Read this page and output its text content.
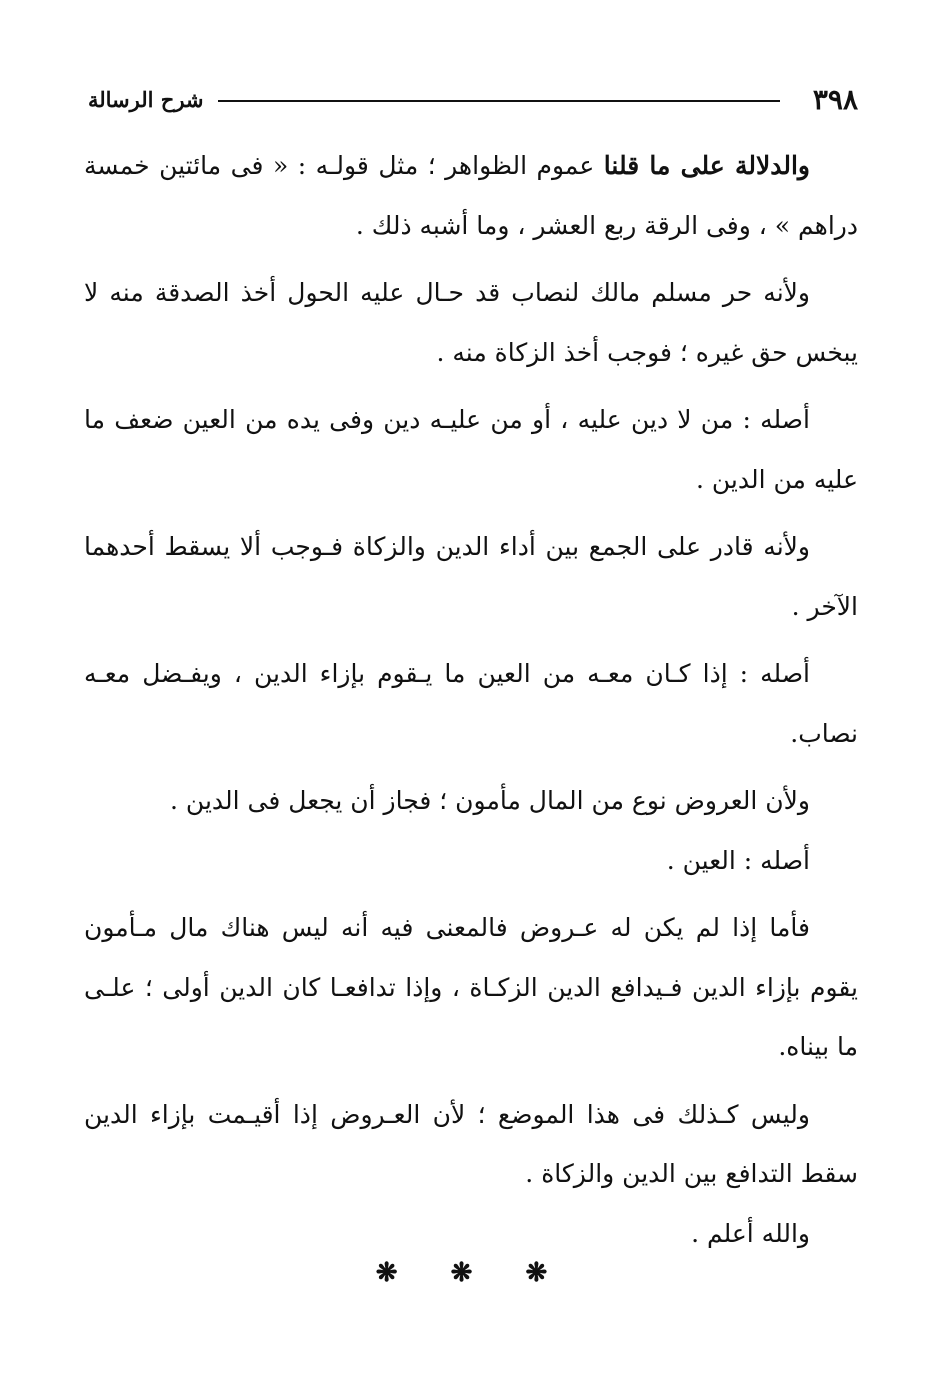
٣٩٨
شرح الرسالة

والدلالة على ما قلنا عموم الظواهر ؛ مثل قولـه : « فى مائتين خمسة دراهم » ، وفى الرقة ربع العشر ، وما أشبه ذلك .

ولأنه حر مسلم مالك لنصاب قد حـال عليه الحول أخذ الصدقة منه لا يبخس حق غيره ؛ فوجب أخذ الزكاة منه .

أصله : من لا دين عليه ، أو من عليـه دين وفى يده من العين ضعف ما عليه من الدين .

ولأنه قادر على الجمع بين أداء الدين والزكاة فـوجب ألا يسقط أحدهما الآخر .

أصله : إذا كـان معـه من العين ما يـقوم بإزاء الدين ، ويفـضل معـه نصاب.

ولأن العروض نوع من المال مأمون ؛ فجاز أن يجعل فى الدين .

أصله : العين .

فأما إذا لم يكن له عـروض فالمعنى فيه أنه ليس هناك مال مـأمون يقوم بإزاء الدين فـيدافع الدين الزكـاة ، وإذا تدافعـا كان الدين أولى ؛ علـى ما بيناه.

وليس كـذلك فى هذا الموضع ؛ لأن العـروض إذا أقيـمت بإزاء الدين سقط التدافع بين الدين والزكاة .

والله أعلم .

❋ ❋ ❋
